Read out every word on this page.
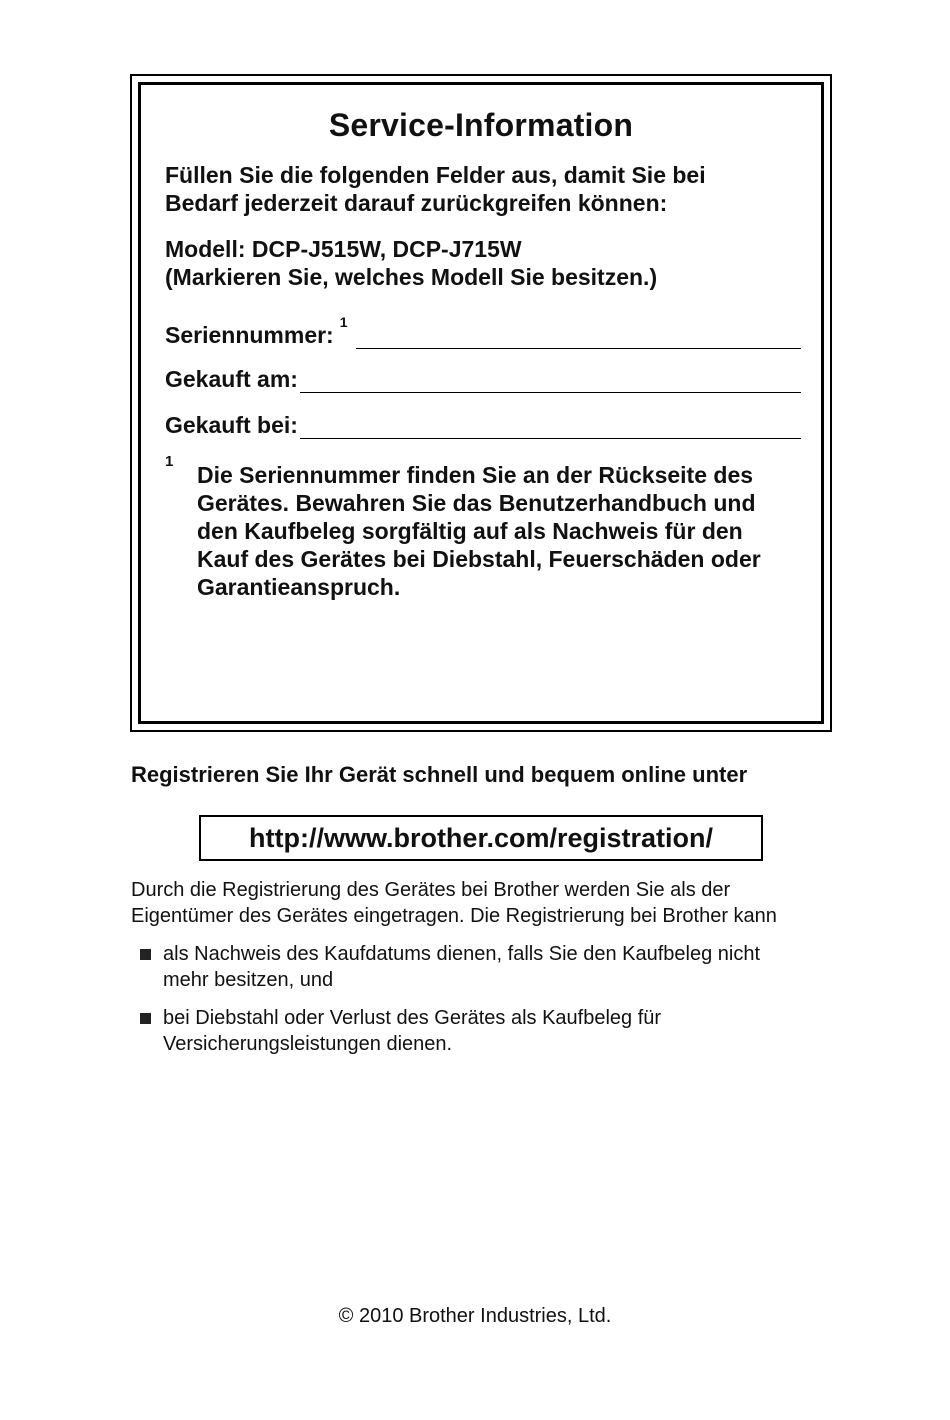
Service-Information
Füllen Sie die folgenden Felder aus, damit Sie bei
Bedarf jederzeit darauf zurückgreifen können:
Modell: DCP-J515W, DCP-J715W
(Markieren Sie, welches Modell Sie besitzen.)
Seriennummer: $^1$
Gekauft am:
Gekauft bei:
1
Die Seriennummer finden Sie an der Rückseite des
Gerätes. Bewahren Sie das Benutzerhandbuch und
den Kaufbeleg sorgfältig auf als Nachweis für den
Kauf des Gerätes bei Diebstahl, Feuerschäden oder
Garantieanspruch.
Registrieren Sie Ihr Gerät schnell und bequem online unter
http://www.brother.com/registration/
Durch die Registrierung des Gerätes bei Brother werden Sie als der
Eigentümer des Gerätes eingetragen. Die Registrierung bei Brother kann
als Nachweis des Kaufdatums dienen, falls Sie den Kaufbeleg nicht
mehr besitzen, und
bei Diebstahl oder Verlust des Gerätes als Kaufbeleg für
Versicherungsleistungen dienen.
© 2010 Brother Industries, Ltd.
